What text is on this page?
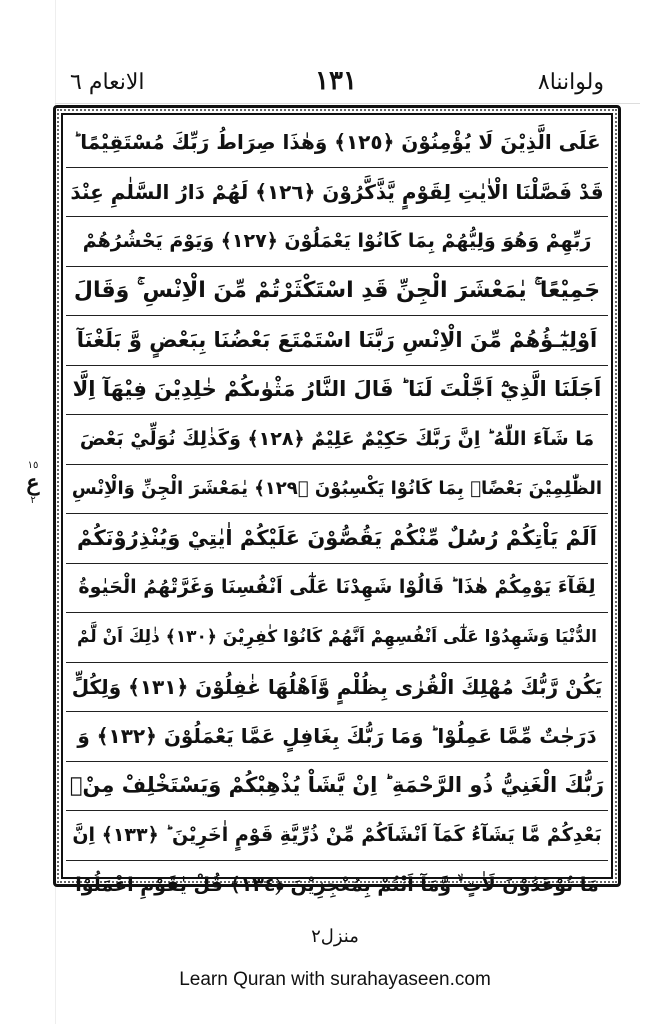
الانعام ٦	١٣١	ولواننا٨
١٥
ع
٢
عَلَى الَّذِيْنَ لَا يُؤْمِنُوْنَ ﴿١٢٥﴾ وَهٰذَا صِرَاطُ رَبِّكَ مُسْتَقِيْمًا ؕ
قَدْ فَصَّلْنَا الْاٰيٰتِ لِقَوْمٍ يَّذَّكَّرُوْنَ ﴿١٢٦﴾ لَهُمْ دَارُ السَّلٰمِ عِنْدَ
رَبِّهِمْ وَهُوَ وَلِيُّهُمْ بِمَا كَانُوْا يَعْمَلُوْنَ ﴿١٢٧﴾ وَيَوْمَ يَحْشُرُهُمْ
جَمِيْعًا ۚ يٰمَعْشَرَ الْجِنِّ قَدِ اسْتَكْثَرْتُمْ مِّنَ الْاِنْسِ ۚ وَقَالَ
اَوْلِيٰٓـؤُهُمْ مِّنَ الْاِنْسِ رَبَّنَا اسْتَمْتَعَ بَعْضُنَا بِبَعْضٍ وَّ بَلَغْنَآ
اَجَلَنَا الَّذِيْٓ اَجَّلْتَ لَنَا ؕ قَالَ النَّارُ مَثْوٰىكُمْ خٰلِدِيْنَ فِيْهَآ اِلَّا
مَا شَآءَ اللّٰهُ ؕ اِنَّ رَبَّكَ حَكِيْمٌ عَلِيْمٌ ﴿١٢٨﴾ وَكَذٰلِكَ نُوَلِّيْ بَعْضَ
الظّٰلِمِيْنَ بَعْضًاۢ بِمَا كَانُوْا يَكْسِبُوْنَ ﴿١٢٩﴾ يٰمَعْشَرَ الْجِنِّ وَالْاِنْسِ
اَلَمْ يَاْتِكُمْ رُسُلٌ مِّنْكُمْ يَقُصُّوْنَ عَلَيْكُمْ اٰيٰتِيْ وَيُنْذِرُوْنَكُمْ
لِقَآءَ يَوْمِكُمْ هٰذَا ؕ قَالُوْا شَهِدْنَا عَلٰٓى اَنْفُسِنَا وَغَرَّتْهُمُ الْحَيٰوةُ
الدُّنْيَا وَشَهِدُوْا عَلٰٓى اَنْفُسِهِمْ اَنَّهُمْ كَانُوْا كٰفِرِيْنَ ﴿١٣٠﴾ ذٰلِكَ اَنْ لَّمْ
يَكُنْ رَّبُّكَ مُهْلِكَ الْقُرٰى بِظُلْمٍ وَّاَهْلُهَا غٰفِلُوْنَ ﴿١٣١﴾ وَلِكُلٍّ
دَرَجٰتٌ مِّمَّا عَمِلُوْا ؕ وَمَا رَبُّكَ بِغَافِلٍ عَمَّا يَعْمَلُوْنَ ﴿١٣٢﴾ وَ
رَبُّكَ الْغَنِيُّ ذُو الرَّحْمَةِ ؕ اِنْ يَّشَاْ يُذْهِبْكُمْ وَيَسْتَخْلِفْ مِنْۢ
بَعْدِكُمْ مَّا يَشَآءُ كَمَآ اَنْشَاَكُمْ مِّنْ ذُرِّيَّةِ قَوْمٍ اٰخَرِيْنَ ؕ ﴿١٣٣﴾ اِنَّ
مَا تُوْعَدُوْنَ لَاٰتٍ ۙ وَّمَآ اَنْتُمْ بِمُعْجِزِيْنَ ﴿١٣٤﴾ قُلْ يٰقَوْمِ اعْمَلُوْا
منزل٢
Learn Quran with surahayaseen.com
